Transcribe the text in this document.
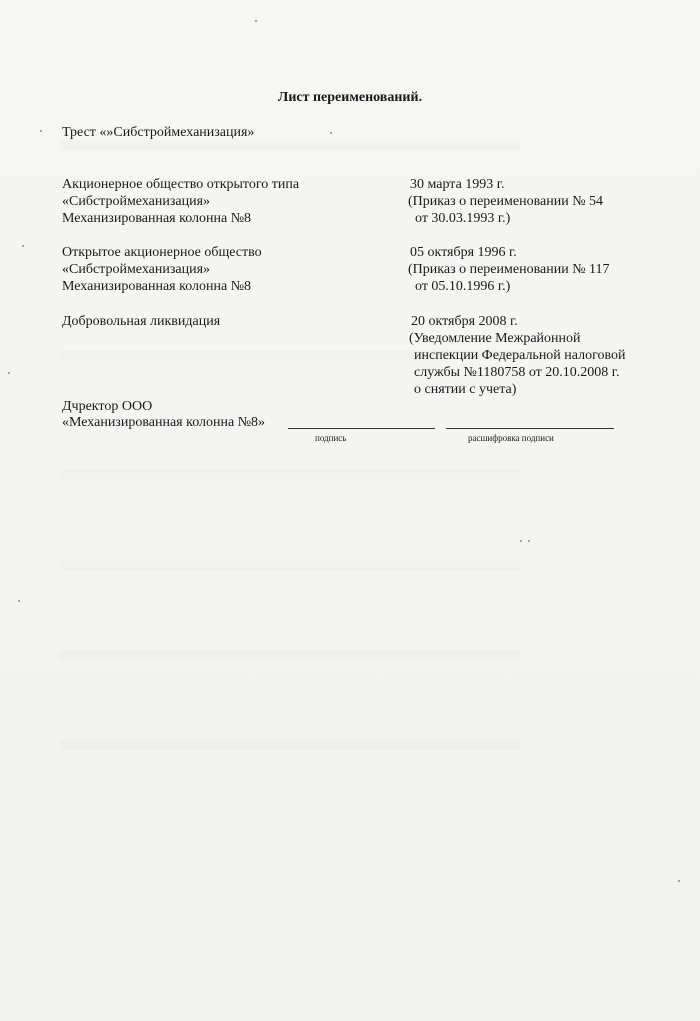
Лист переименований.
Трест «»Сибстроймеханизация»
Акционерное общество открытого типа
«Сибстроймеханизация»
Механизированная колонна №8
30 марта 1993 г.
(Приказ о переименовании № 54
от 30.03.1993 г.)
Открытое акционерное общество
«Сибстроймеханизация»
Механизированная колонна №8
05 октября 1996 г.
(Приказ о переименовании № 117
от 05.10.1996 г.)
Добровольная ликвидация	20 октября 2008 г.
(Уведомление Межрайонной
инспекции Федеральной налоговой
службы №1180758 от 20.10.2008 г.
о снятии с учета)
Дчректор ООО
«Механизированная колонна №8»
подпись	расшифровка подписи
